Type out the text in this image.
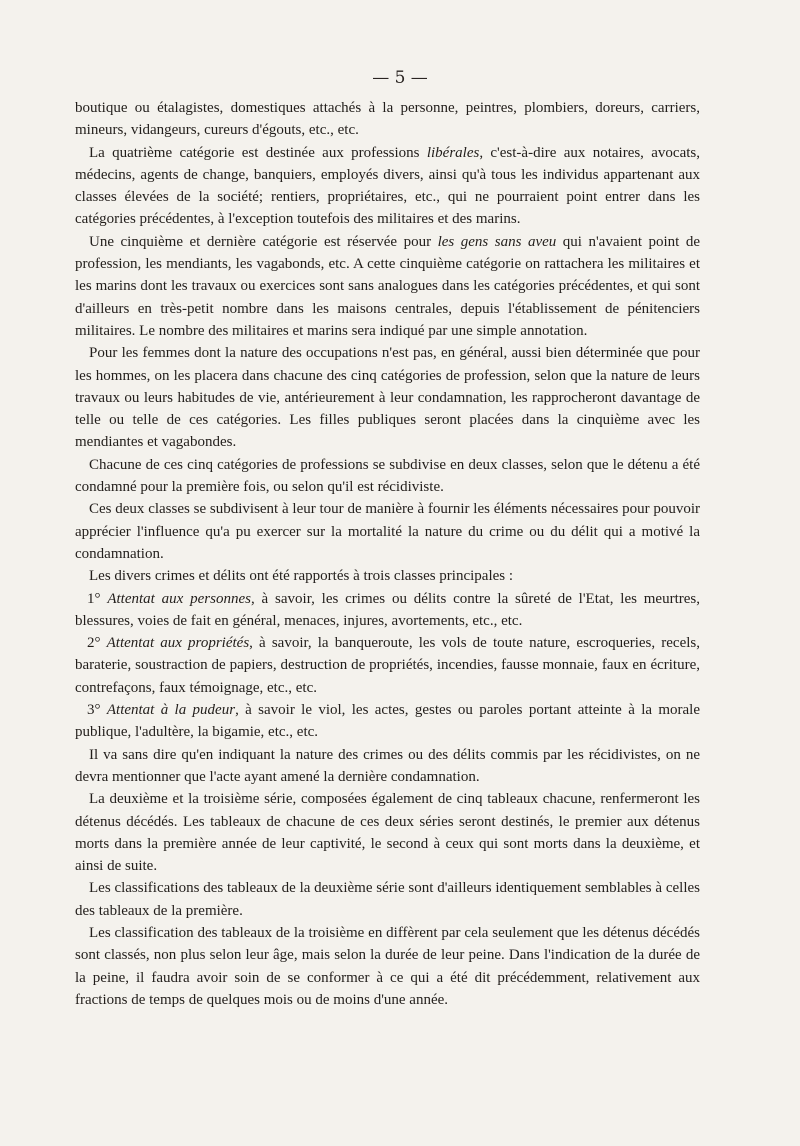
— 5 —

boutique ou étalagistes, domestiques attachés à la personne, peintres, plombiers, doreurs, carriers, mineurs, vidangeurs, cureurs d'égouts, etc., etc.

La quatrième catégorie est destinée aux professions libérales, c'est-à-dire aux notaires, avocats, médecins, agents de change, banquiers, employés divers, ainsi qu'à tous les individus appartenant aux classes élevées de la société; rentiers, propriétaires, etc., qui ne pourraient point entrer dans les catégories précédentes, à l'exception toutefois des militaires et des marins.

Une cinquième et dernière catégorie est réservée pour les gens sans aveu qui n'avaient point de profession, les mendiants, les vagabonds, etc. A cette cinquième catégorie on rattachera les militaires et les marins dont les travaux ou exercices sont sans analogues dans les catégories précédentes, et qui sont d'ailleurs en très-petit nombre dans les maisons centrales, depuis l'établissement de pénitenciers militaires. Le nombre des militaires et marins sera indiqué par une simple annotation.

Pour les femmes dont la nature des occupations n'est pas, en général, aussi bien déterminée que pour les hommes, on les placera dans chacune des cinq catégories de profession, selon que la nature de leurs travaux ou leurs habitudes de vie, antérieurement à leur condamnation, les rapprocheront davantage de telle ou telle de ces catégories. Les filles publiques seront placées dans la cinquième avec les mendiantes et vagabondes.

Chacune de ces cinq catégories de professions se subdivise en deux classes, selon que le détenu a été condamné pour la première fois, ou selon qu'il est récidiviste.

Ces deux classes se subdivisent à leur tour de manière à fournir les éléments nécessaires pour pouvoir apprécier l'influence qu'a pu exercer sur la mortalité la nature du crime ou du délit qui a motivé la condamnation.

Les divers crimes et délits ont été rapportés à trois classes principales :

1° Attentat aux personnes, à savoir, les crimes ou délits contre la sûreté de l'Etat, les meurtres, blessures, voies de fait en général, menaces, injures, avortements, etc., etc.

2° Attentat aux propriétés, à savoir, la banqueroute, les vols de toute nature, escroqueries, recels, baraterie, soustraction de papiers, destruction de propriétés, incendies, fausse monnaie, faux en écriture, contrefaçons, faux témoignage, etc., etc.

3° Attentat à la pudeur, à savoir le viol, les actes, gestes ou paroles portant atteinte à la morale publique, l'adultère, la bigamie, etc., etc.

Il va sans dire qu'en indiquant la nature des crimes ou des délits commis par les récidivistes, on ne devra mentionner que l'acte ayant amené la dernière condamnation.

La deuxième et la troisième série, composées également de cinq tableaux chacune, renfermeront les détenus décédés. Les tableaux de chacune de ces deux séries seront destinés, le premier aux détenus morts dans la première année de leur captivité, le second à ceux qui sont morts dans la deuxième, et ainsi de suite.

Les classifications des tableaux de la deuxième série sont d'ailleurs identiquement semblables à celles des tableaux de la première.

Les classification des tableaux de la troisième en diffèrent par cela seulement que les détenus décédés sont classés, non plus selon leur âge, mais selon la durée de leur peine. Dans l'indication de la durée de la peine, il faudra avoir soin de se conformer à ce qui a été dit précédemment, relativement aux fractions de temps de quelques mois ou de moins d'une année.
